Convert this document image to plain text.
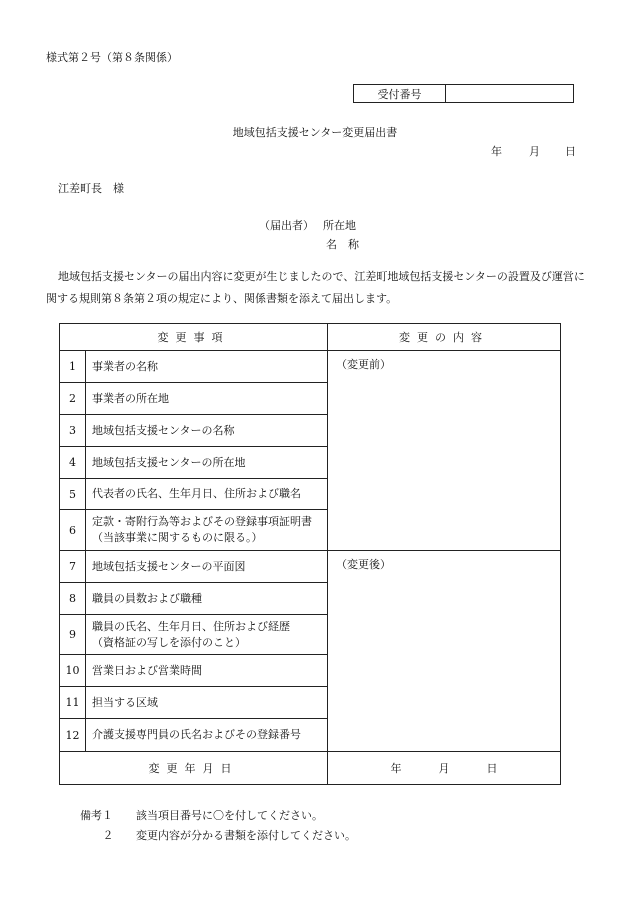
様式第２号（第８条関係）
受付番号
地域包括支援センター変更届出書
年 月 日
江差町長　様
（届出者） 所在地
名　称
地域包括支援センターの届出内容に変更が生じましたので、江差町地域包括支援センターの設置及び運営に関する規則第８条第２項の規定により、関係書類を添えて届出します。
変更事項		変更の内容
1	事業者の名称	（変更前）
2	事業者の所在地	
3	地域包括支援センターの名称	
4	地域包括支援センターの所在地	
5	代表者の氏名、生年月日、住所および職名	
6	定款・寄附行為等およびその登録事項証明書
（当該事業に関するものに限る。）	
7	地域包括支援センターの平面図	（変更後）
8	職員の員数および職種	
9	職員の氏名、生年月日、住所および経歴
（資格証の写しを添付のこと）	
10	営業日および営業時間	
11	担当する区域	
12	介護支援専門員の氏名およびその登録番号	
変更年月日		年 月 日
備考１ 該当項目番号に〇を付してください。
２ 変更内容が分かる書類を添付してください。
